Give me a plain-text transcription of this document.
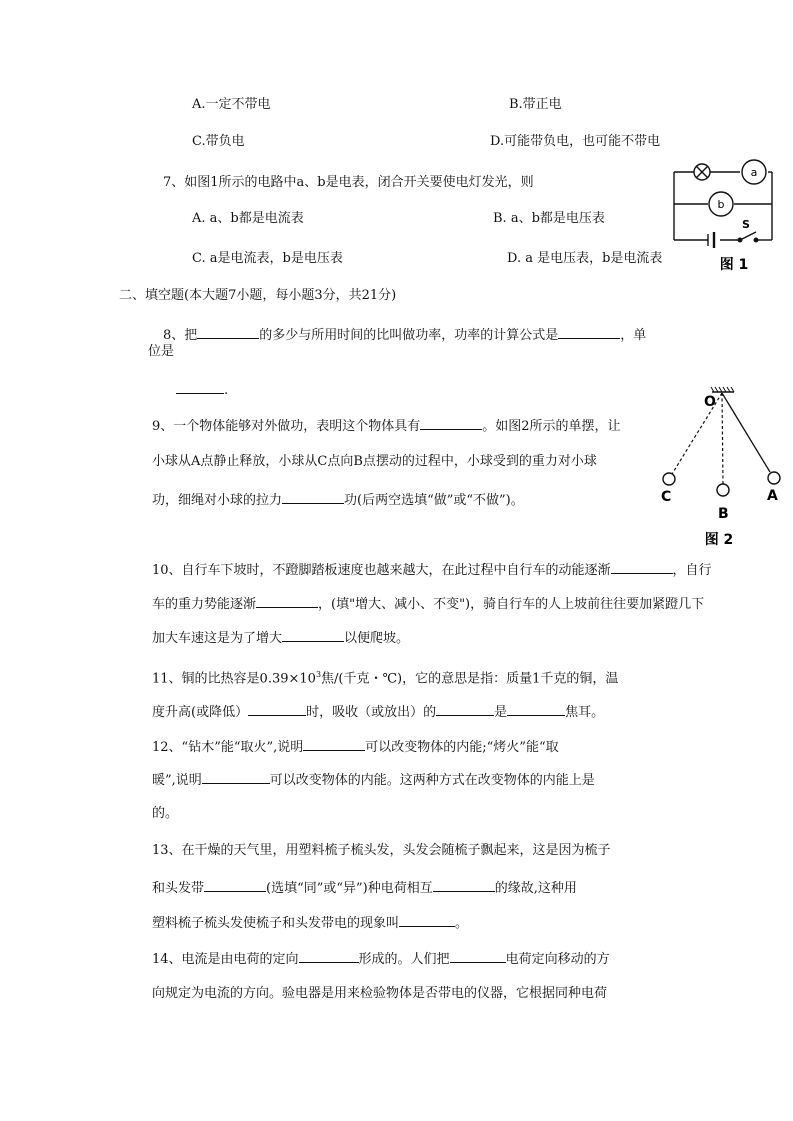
A.一定不带电	B.带正电
C.带负电	D.可能带负电，也可能不带电
7、如图1所示的电路中a、b是电表，闭合开关要使电灯发光，则
A. a、b都是电流表	B. a、b都是电压表
C. a是电流表，b是电压表	D. a 是电压表，b是电流表
a
b
S
图 1
二、填空题(本大题7小题，每小题3分，共21分)
8、把	的多少与所用时间的比叫做功率，功率的计算公式是	，单
位是
.
9、一个物体能够对外做功，表明这个物体具有	。如图2所示的单摆，让
小球从A点静止释放，小球从C点向B点摆动的过程中，小球受到的重力对小球
功，细绳对小球的拉力	功(后两空选填“做”或“不做”)。
O
A
B
C
图 2
10、自行车下坡时，不蹬脚踏板速度也越来越大，在此过程中自行车的动能逐渐	，自行
车的重力势能逐渐	，(填"增大、减小、不变")，骑自行车的人上坡前往往要加紧蹬几下
加大车速这是为了增大	以便爬坡。
11、铜的比热容是$0.39\times 10^3$焦/(千克・℃)，它的意思是指：质量1千克的铜，温
度升高(或降低）	时，吸收（或放出）的	是	焦耳。
12、“钻木”能“取火”,说明	可以改变物体的内能;“烤火”能“取
暖”,说明	可以改变物体的内能。这两种方式在改变物体的内能上是
的。
13、在干燥的天气里，用塑料梳子梳头发，头发会随梳子飘起来，这是因为梳子
和头发带	(选填“同”或“异”)种电荷相互	的缘故,这种用
塑料梳子梳头发使梳子和头发带电的现象叫	。
14、电流是由电荷的定向	形成的。人们把	电荷定向移动的方
向规定为电流的方向。验电器是用来检验物体是否带电的仪器，它根据同种电荷
